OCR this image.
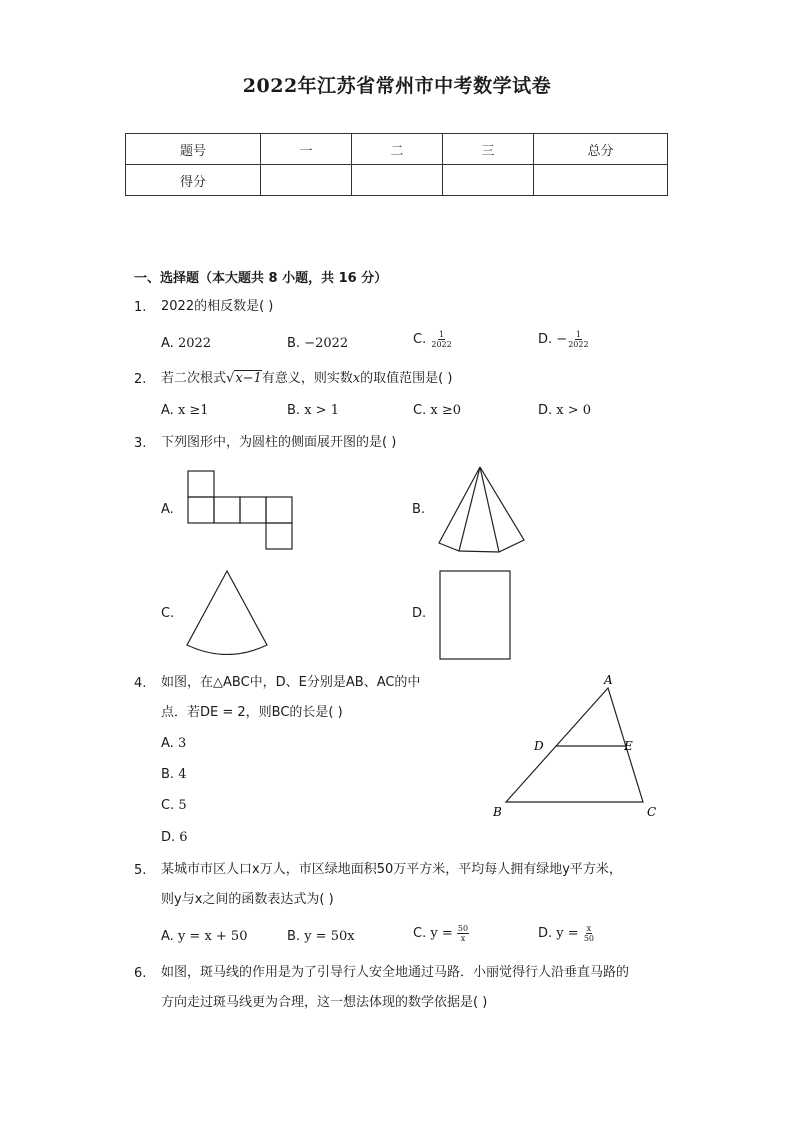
2022年江苏省常州市中考数学试卷
题号	一	二	三	总分
得分				
一、选择题（本大题共 8 小题，共 16 分）
1. 2022的相反数是( )
A. 2022	B. −2022	C. $\frac{1}{2022}$	D. − $\frac{1}{2022}$
2. 若二次根式√x−1有意义，则实数x的取值范围是( )
A. x ≥1	B. x > 1	C. x ≥0	D. x > 0
3. 下列图形中，为圆柱的侧面展开图的是( )
A.	B.
C.	D.
4. 如图，在△ABC中，D、E分别是AB、AC的中
点．若DE = 2，则BC的长是( )
A. 3
B. 4
C. 5
D. 6
A
D	E
B	C
5. 某城市市区人口x万人，市区绿地面积50万平方米，平均每人拥有绿地y平方米，
则y与x之间的函数表达式为( )
A. y = x + 50	B. y = 50x	C. $y = \frac{50}{x}$	D. $y = \frac{x}{50}$
6. 如图，斑马线的作用是为了引导行人安全地通过马路．小丽觉得行人沿垂直马路的
方向走过斑马线更为合理，这一想法体现的数学依据是( )
